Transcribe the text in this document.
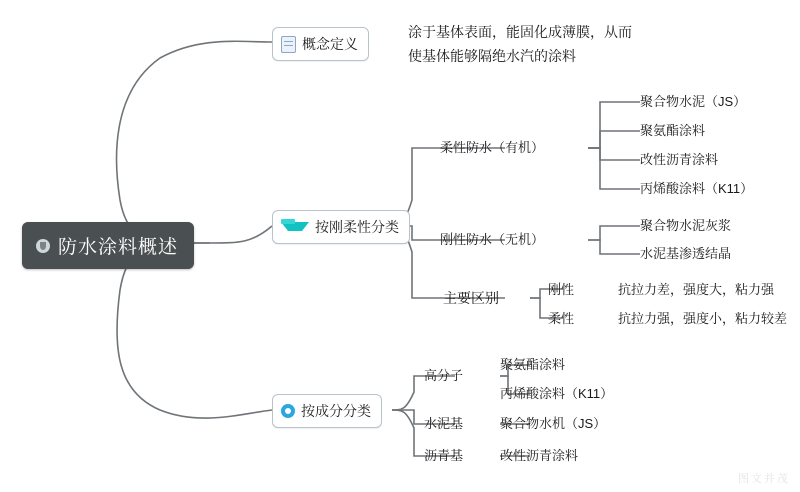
防水涂料概述
概念定义
涂于基体表面，能固化成薄膜，从而使基体能够隔绝水汽的涂料
按刚柔性分类
柔性防水（有机）
聚合物水泥（JS）
聚氨酯涂料
改性沥青涂料
丙烯酸涂料（K11）
刚性防水（无机）
聚合物水泥灰浆
水泥基渗透结晶
主要区别
刚性	抗拉力差，强度大，粘力强
柔性	抗拉力强，强度小，粘力较差
按成分分类
高分子
聚氨酯涂料
丙烯酸涂料（K11）
水泥基	聚合物水机（JS）
沥青基	改性沥青涂料
图文并茂
